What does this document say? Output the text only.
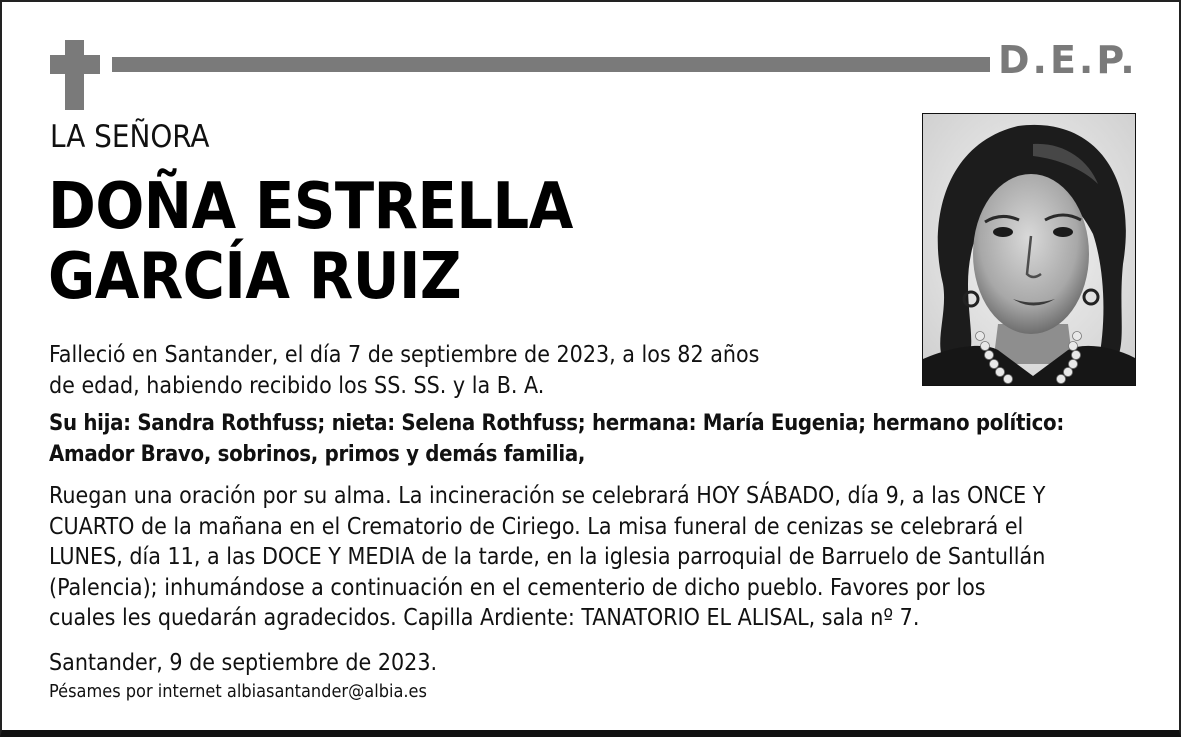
D.E.P.
LA SEÑORA
DOÑA ESTRELLA
GARCÍA RUIZ

Falleció en Santander, el día 7 de septiembre de 2023, a los 82 años
de edad, habiendo recibido los SS. SS. y la B. A.

Su hija: Sandra Rothfuss; nieta: Selena Rothfuss; hermana: María Eugenia; hermano político:
Amador Bravo, sobrinos, primos y demás familia,

Ruegan una oración por su alma. La incineración se celebrará HOY SÁBADO, día 9, a las ONCE Y
CUARTO de la mañana en el Crematorio de Ciriego. La misa funeral de cenizas se celebrará el
LUNES, día 11, a las DOCE Y MEDIA de la tarde, en la iglesia parroquial de Barruelo de Santullán
(Palencia); inhumándose a continuación en el cementerio de dicho pueblo. Favores por los
cuales les quedarán agradecidos. Capilla Ardiente: TANATORIO EL ALISAL, sala nº 7.

Santander, 9 de septiembre de 2023.

Pésames por internet albiasantander@albia.es
